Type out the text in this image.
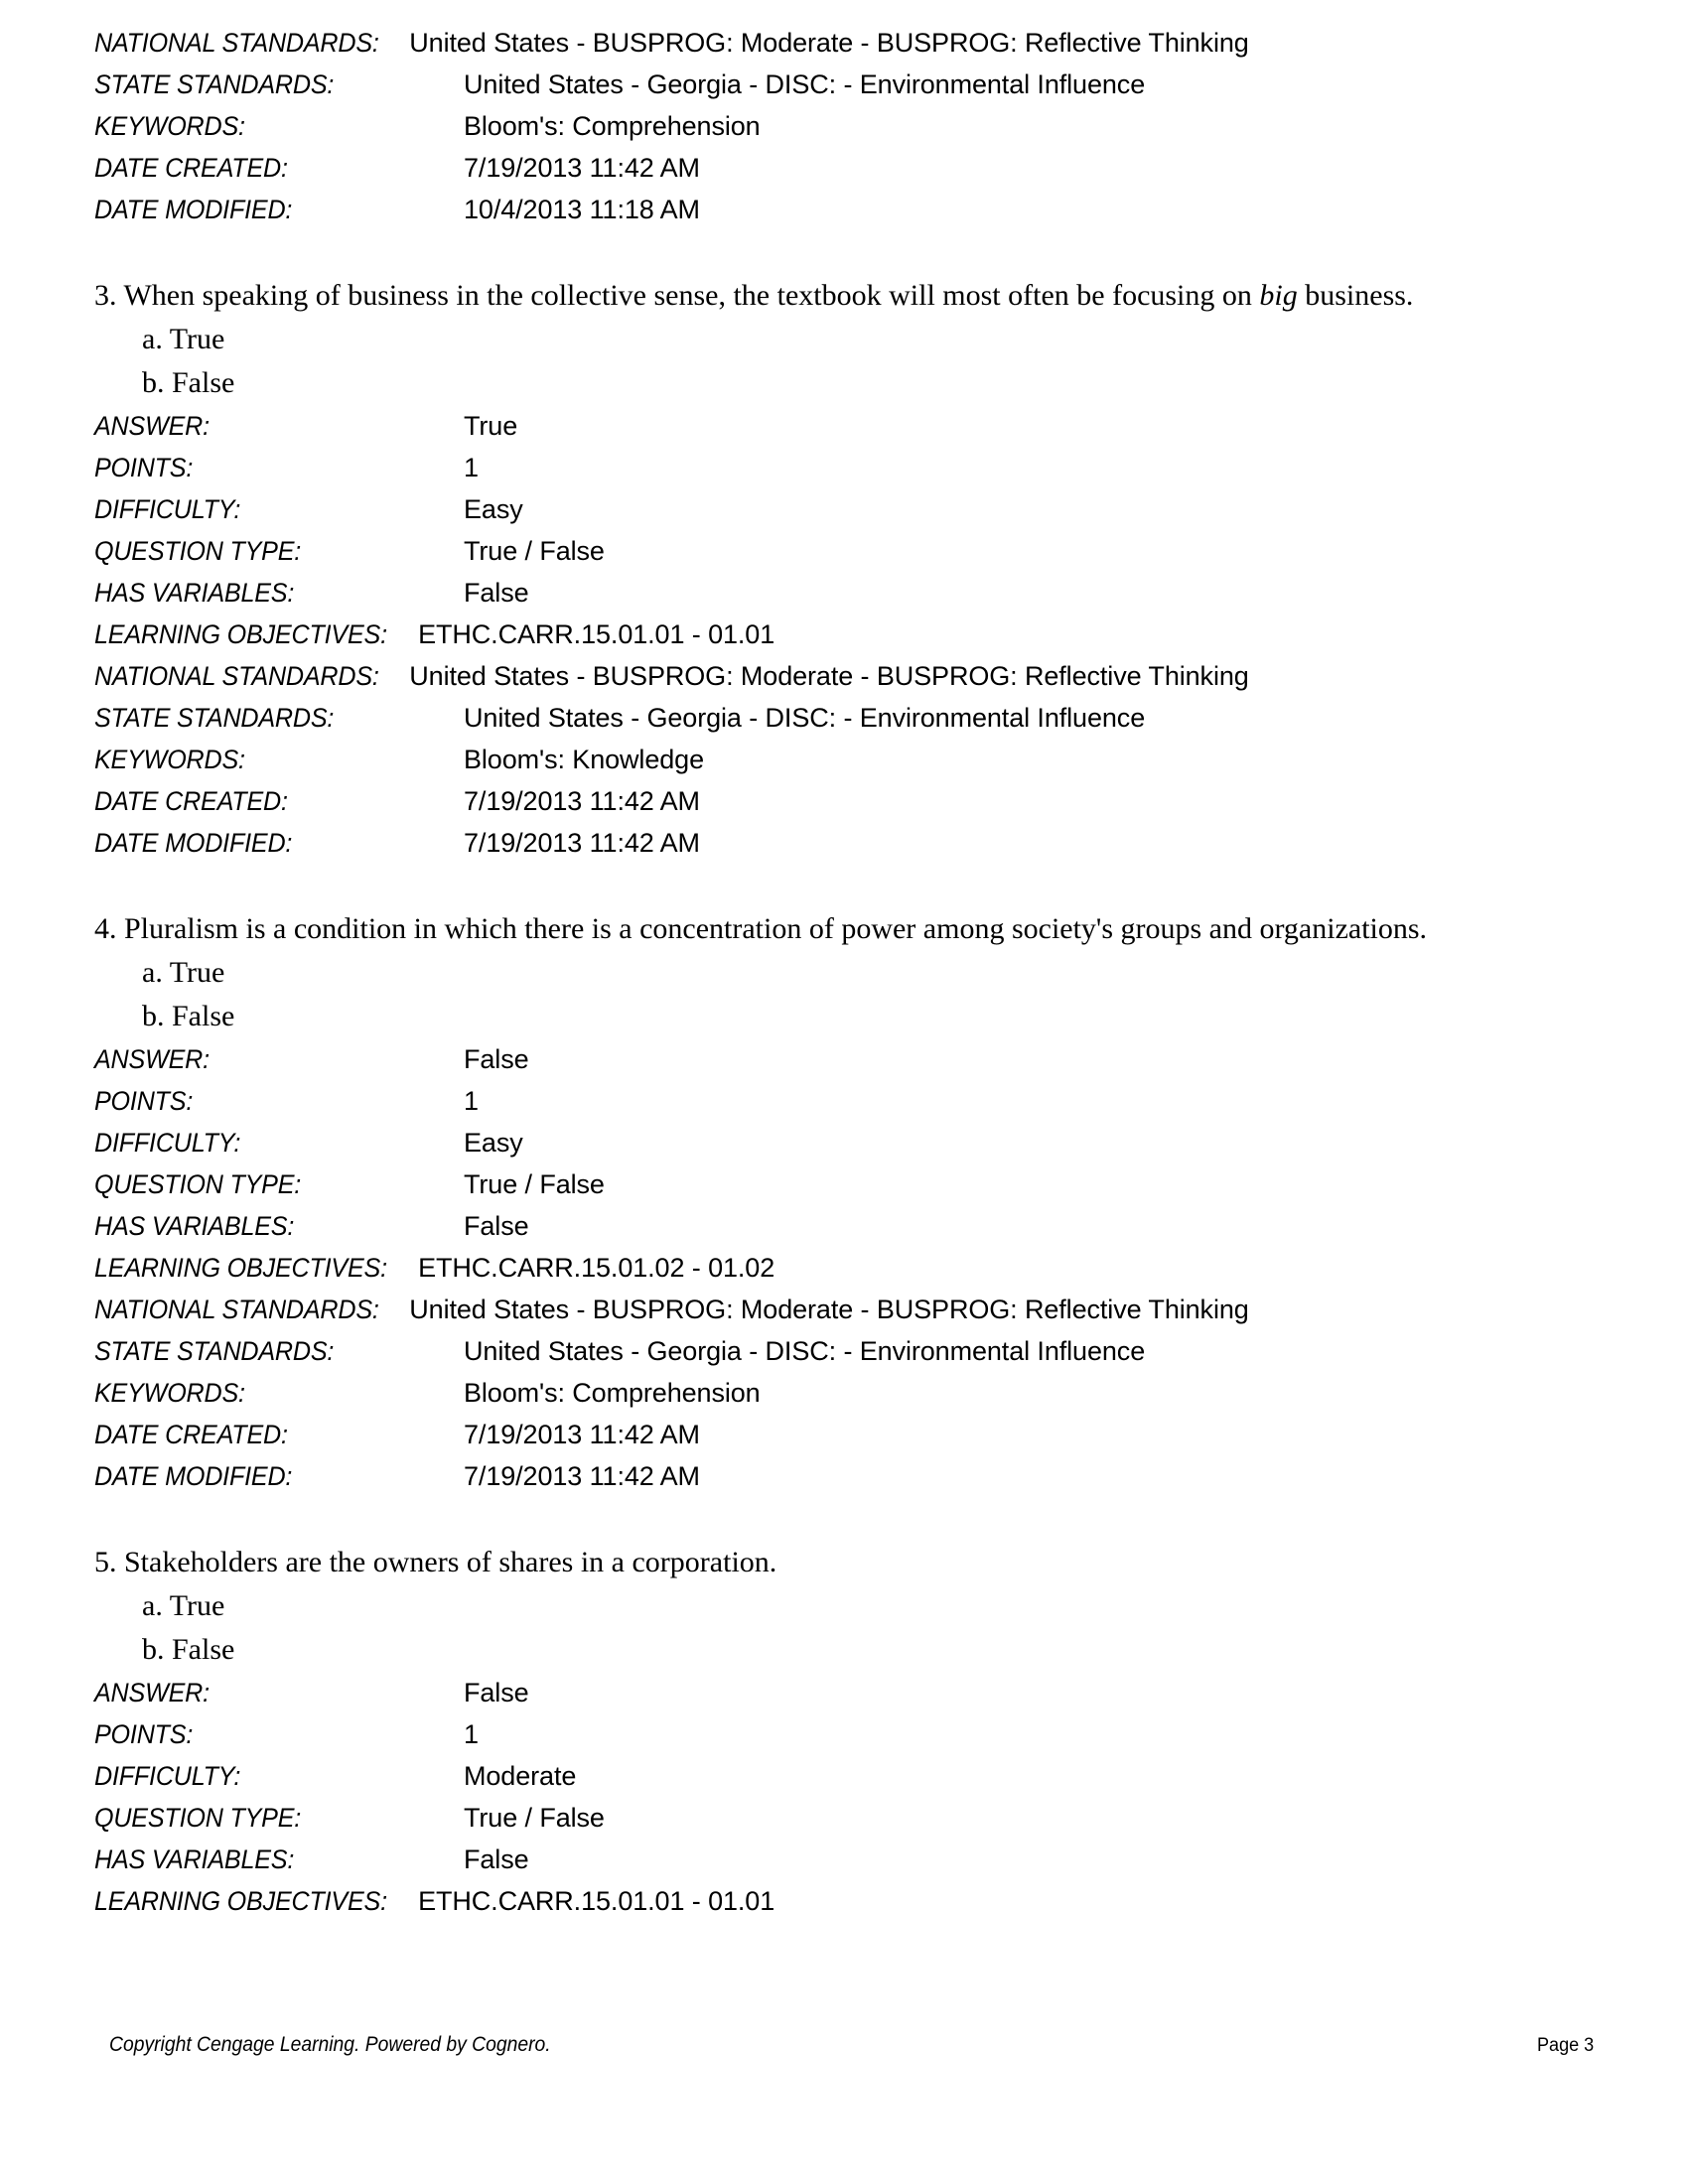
NATIONAL STANDARDS:	United States - BUSPROG: Moderate - BUSPROG: Reflective Thinking
STATE STANDARDS:	United States - Georgia - DISC: - Environmental Influence
KEYWORDS:	Bloom's: Comprehension
DATE CREATED:	7/19/2013 11:42 AM
DATE MODIFIED:	10/4/2013 11:18 AM
3. When speaking of business in the collective sense, the textbook will most often be focusing on big business.
a. True
b. False
ANSWER:	True
POINTS:	1
DIFFICULTY:	Easy
QUESTION TYPE:	True / False
HAS VARIABLES:	False
LEARNING OBJECTIVES:	ETHC.CARR.15.01.01 - 01.01
NATIONAL STANDARDS:	United States - BUSPROG: Moderate - BUSPROG: Reflective Thinking
STATE STANDARDS:	United States - Georgia - DISC: - Environmental Influence
KEYWORDS:	Bloom's: Knowledge
DATE CREATED:	7/19/2013 11:42 AM
DATE MODIFIED:	7/19/2013 11:42 AM
4. Pluralism is a condition in which there is a concentration of power among society's groups and organizations.
a. True
b. False
ANSWER:	False
POINTS:	1
DIFFICULTY:	Easy
QUESTION TYPE:	True / False
HAS VARIABLES:	False
LEARNING OBJECTIVES:	ETHC.CARR.15.01.02 - 01.02
NATIONAL STANDARDS:	United States - BUSPROG: Moderate - BUSPROG: Reflective Thinking
STATE STANDARDS:	United States - Georgia - DISC: - Environmental Influence
KEYWORDS:	Bloom's: Comprehension
DATE CREATED:	7/19/2013 11:42 AM
DATE MODIFIED:	7/19/2013 11:42 AM
5. Stakeholders are the owners of shares in a corporation.
a. True
b. False
ANSWER:	False
POINTS:	1
DIFFICULTY:	Moderate
QUESTION TYPE:	True / False
HAS VARIABLES:	False
LEARNING OBJECTIVES:	ETHC.CARR.15.01.01 - 01.01
Copyright Cengage Learning. Powered by Cognero.	Page 3
